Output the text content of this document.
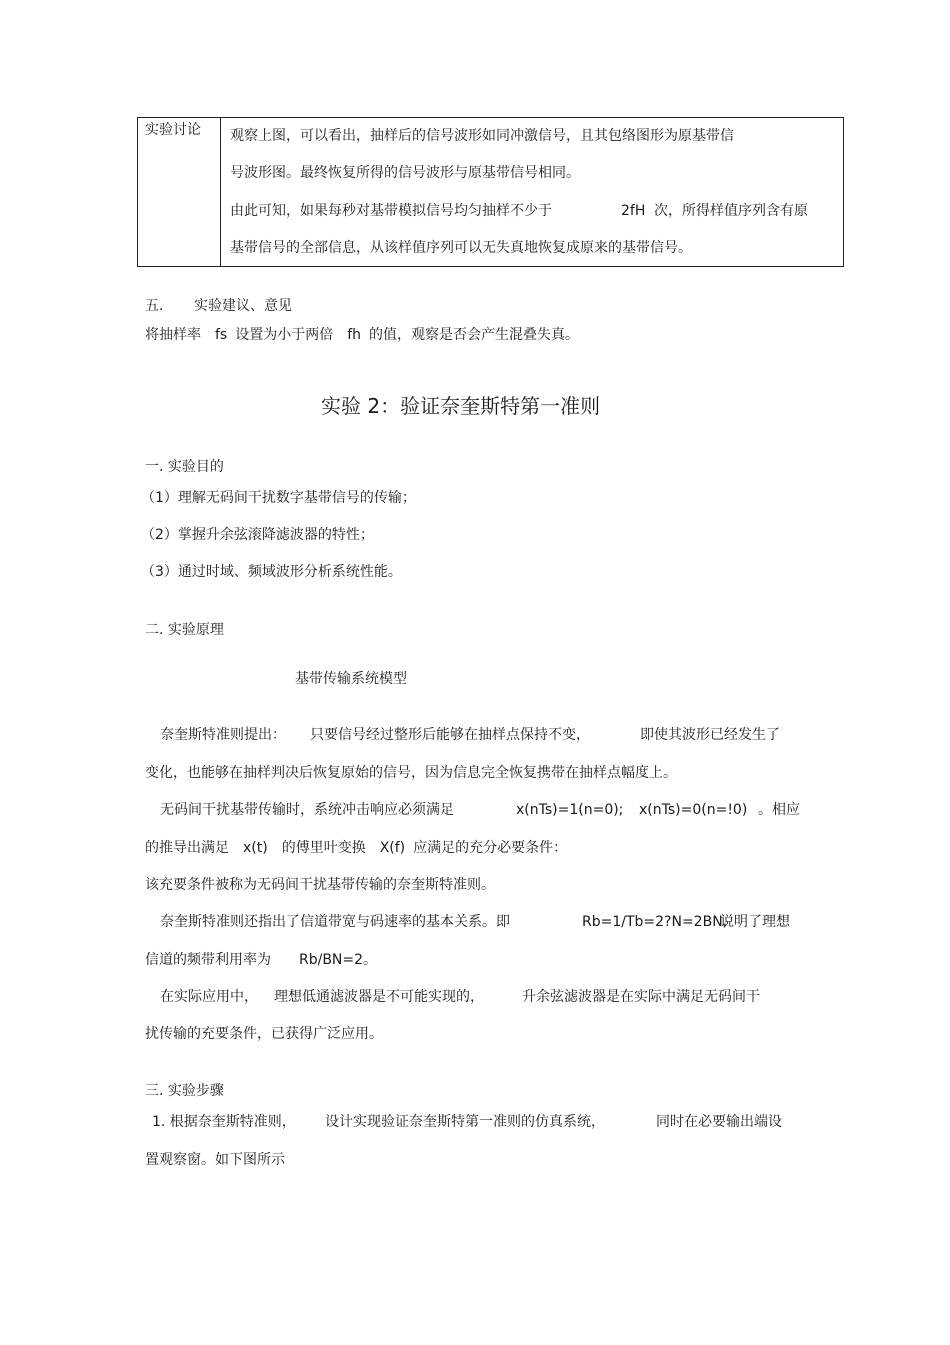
实验讨论 观察上图，可以看出，抽样后的信号波形如同冲激信号，且其包络图形为原基带信
号波形图。最终恢复所得的信号波形与原基带信号相同。
由此可知，如果每秒对基带模拟信号均匀抽样不少于	2fH 次，所得样值序列含有原
基带信号的全部信息，从该样值序列可以无失真地恢复成原来的基带信号。
五. 实验建议、意见
将抽样率 fs 设置为小于两倍 fh 的值，观察是否会产生混叠失真。
实验 2：验证奈奎斯特第一准则
一. 实验目的
（1）理解无码间干扰数字基带信号的传输；
（2）掌握升余弦滚降滤波器的特性；
（3）通过时域、频域波形分析系统性能。
二. 实验原理
基带传输系统模型
奈奎斯特准则提出： 只要信号经过整形后能够在抽样点保持不变，	即使其波形已经发生了
变化，也能够在抽样判决后恢复原始的信号，因为信息完全恢复携带在抽样点幅度上。
无码间干扰基带传输时，系统冲击响应必须满足	x(nTs)=1(n=0); x(nTs)=0(n=!0) 。相应
的推导出满足 x(t) 的傅里叶变换 X(f) 应满足的充分必要条件：
该充要条件被称为无码间干扰基带传输的奈奎斯特准则。
奈奎斯特准则还指出了信道带宽与码速率的基本关系。即	Rb=1/Tb=2?N=2BN,
说明了理想
信道的频带利用率为 Rb/BN=2。
在实际应用中， 理想低通滤波器是不可能实现的，	升余弦滤波器是在实际中满足无码间干
扰传输的充要条件，已获得广泛应用。
三. 实验步骤
1. 根据奈奎斯特准则， 设计实现验证奈奎斯特第一准则的仿真系统，	同时在必要输出端设
置观察窗。如下图所示
